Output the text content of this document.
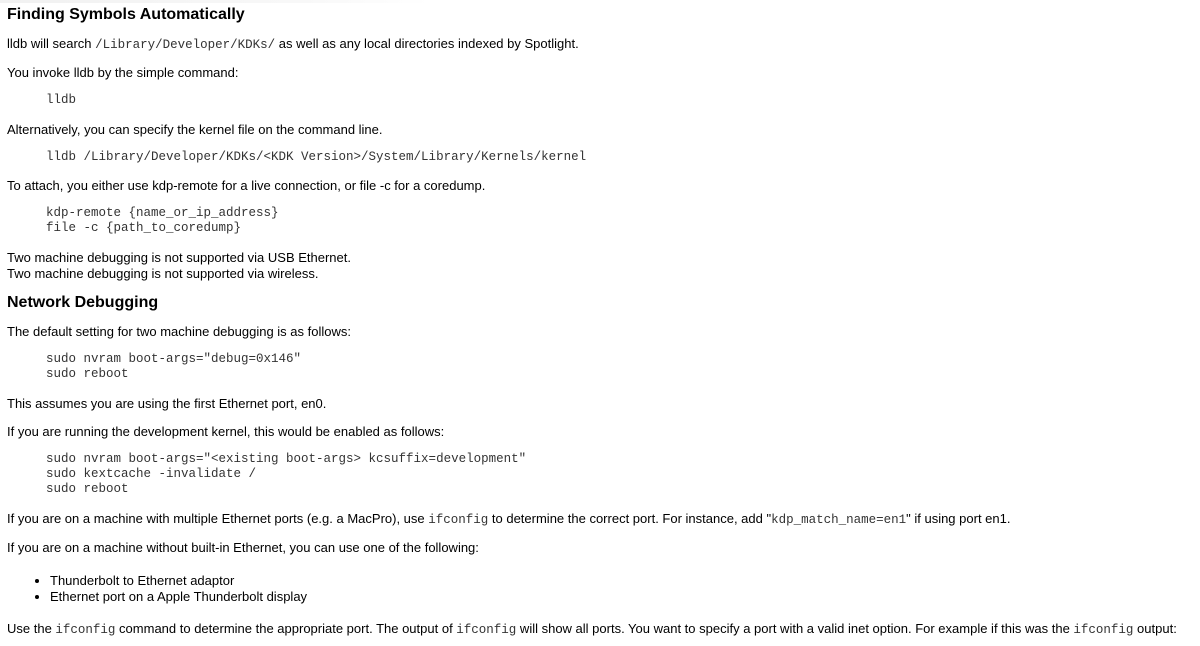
Finding Symbols Automatically

lldb will search /Library/Developer/KDKs/ as well as any local directories indexed by Spotlight.

You invoke lldb by the simple command:

lldb

Alternatively, you can specify the kernel file on the command line.

lldb /Library/Developer/KDKs/<KDK Version>/System/Library/Kernels/kernel

To attach, you either use kdp-remote for a live connection, or file -c for a coredump.

kdp-remote {name_or_ip_address}
file -c {path_to_coredump}

Two machine debugging is not supported via USB Ethernet.
Two machine debugging is not supported via wireless.

Network Debugging

The default setting for two machine debugging is as follows:

sudo nvram boot-args="debug=0x146"
sudo reboot

This assumes you are using the first Ethernet port, en0.

If you are running the development kernel, this would be enabled as follows:

sudo nvram boot-args="<existing boot-args> kcsuffix=development"
sudo kextcache -invalidate /
sudo reboot

If you are on a machine with multiple Ethernet ports (e.g. a MacPro), use ifconfig to determine the correct port. For instance, add "kdp_match_name=en1" if using port en1.

If you are on a machine without built-in Ethernet, you can use one of the following:

• Thunderbolt to Ethernet adaptor
• Ethernet port on a Apple Thunderbolt display

Use the ifconfig command to determine the appropriate port. The output of ifconfig will show all ports. You want to specify a port with a valid inet option. For example if this was the ifconfig output:
